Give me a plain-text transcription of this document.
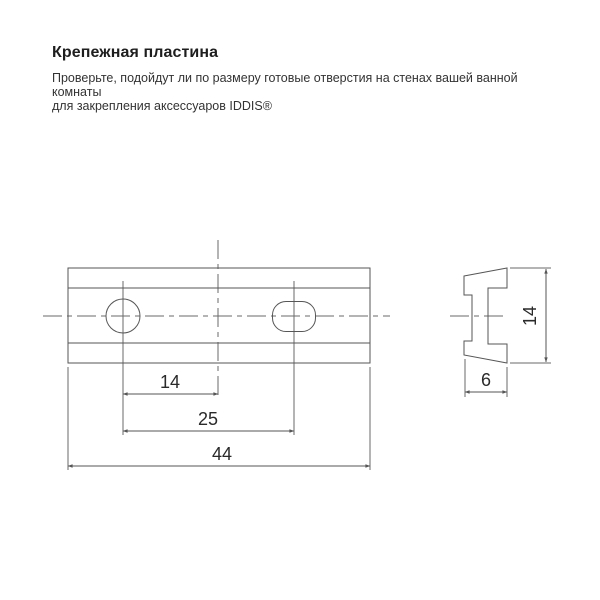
Крепежная пластина

Проверьте, подойдут ли по размеру готовые отверстия на стенах вашей ванной комнаты
для закрепления аксессуаров IDDIS®

14
25
44
14
6
